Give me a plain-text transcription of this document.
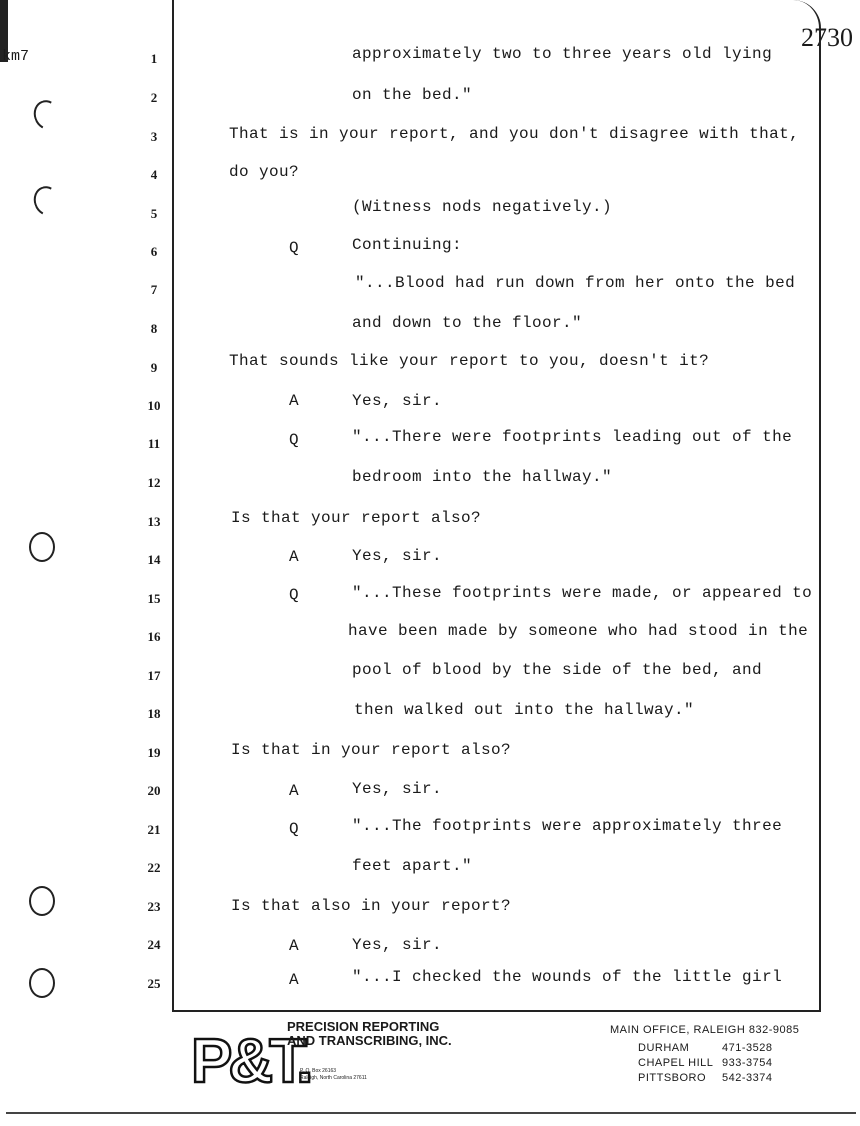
km7
2730
1	approximately two to three years old lying
2	on the bed."
3	That is in your report, and you don't disagree with that,
4	do you?
5	(Witness nods negatively.)
6	Q	Continuing:
7	"...Blood had run down from her onto the bed
8	and down to the floor."
9	That sounds like your report to you, doesn't it?
10	A	Yes, sir.
11	Q	"...There were footprints leading out of the
12	bedroom into the hallway."
13	Is that your report also?
14	A	Yes, sir.
15	Q	"...These footprints were made, or appeared to
16	have been made by someone who had stood in the
17	pool of blood by the side of the bed, and
18	then walked out into the hallway."
19	Is that in your report also?
20	A	Yes, sir.
21	Q	"...The footprints were approximately three
22	feet apart."
23	Is that also in your report?
24	A	Yes, sir.
25	A	"...I checked the wounds of the little girl
P&T.
PRECISION REPORTING
AND TRANSCRIBING, INC.
P. O. Box 26163
Raleigh, North Carolina 27611
MAIN OFFICE, RALEIGH 832-9085
DURHAM	471-3528
CHAPEL HILL 933-3754
PITTSBORO 542-3374
